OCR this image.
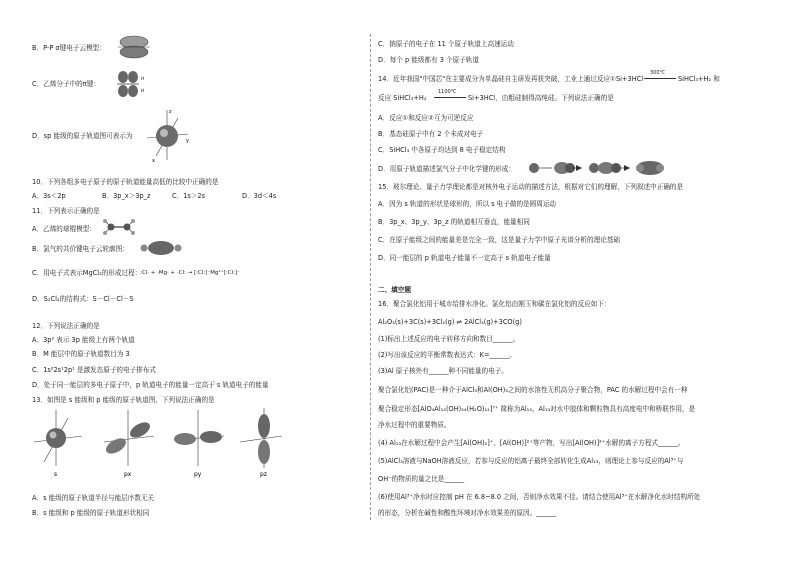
B．P-P σ键电子云模型：
C．乙烯分子中的π键：
H
H
D．sp 能级的原子轨道图可表示为
z
y
x
10．下列各组多电子原子的原子轨道能量高低的比较中正确的是
A．3s＜2p	B．3p_x＞3p_z	C．1s＞2s	D．3d＜4s
11．下列表示正确的是
A．乙烯的球棍模型：
B．氯气的共价键电子云轮廓图：
C．用电子式表示MgCl₂的形成过程：
:Cl· + ·Mg· + ·Cl: → [:Cl:]⁻Mg²⁺[:Cl:]⁻
D．S₂Cl₂的结构式：S－Cl－Cl－S
12．下列说法正确的是
A．3p² 表示 3p 能级上有两个轨道
B．M 能层中的原子轨道数目为 3
C．1s²2s¹2p¹ 是激发态原子的电子排布式
D．处于同一能层的多电子原子中，p 轨道电子的能量一定高于 s 轨道电子的能量
13．如图是 s 能级和 p 能级的原子轨道图，下列说法正确的是
s	px	py	pz
A．s 能级的原子轨道半径与能层序数无关
B．s 能级和 p 能级的原子轨道形状相同
C．钠原子的电子在 11 个原子轨道上高速运动
D．每个 p 能级都有 3 个原子轨道
14．近年我国"中国芯"在主要成分为单晶硅自主研发再获突破，工业上通过反应①Si+3HCl
300℃
SiHCl₃+H₂ 和
反应 SiHCl₃+H₂
1100℃
Si+3HCl，由粗硅制得高纯硅。下列说法正确的是
A．反应①和反应②互为可逆反应
B．基态硅原子中有 2 个未成对电子
C．SiHCl₃ 中各原子均达到 8 电子稳定结构
D．用原子轨道描述氯气分子中化学键的形成：
15．玻尔理论、量子力学理论都是对核外电子运动的描述方法，根据对它们的理解，下列叙述中正确的是
A．因为 s 轨道的形状是球形的，所以 s 电子做的是圆周运动
B．3p_x、3p_y、3p_z 的轨道相互垂直，能量相同
C．在原子能级之间的能量差是完全一致，这是量子力学中原子光谱分析的理论基础
D．同一能层的 p 轨道电子能量不一定高于 s 轨道电子能量
二、填空题
16．聚合氯化铝用于城市给排水净化。氯化铝由刚玉和碳在氯化铝的反应如下：
Al₂O₃(s)+3C(s)+3Cl₂(g) ⇌ 2AlCl₃(g)+3CO(g)
(1)标出上述反应的电子转移方向和数目______。
(2)写出该反应的平衡常数表达式：K=______。
(3)Al 原子核外有______种不同能量的电子。
聚合氯化铝(PAC)是一种介于AlCl₃和Al(OH)₃之间的水溶性无机高分子聚合物，PAC 的水解过程中会有一种
聚合稳定形态[AlO₄Al₁₂(OH)₂₄(H₂O)₁₂]⁷⁺ 简称为Al₁₃，Al₁₃对水中胶体和颗粒物具有高度电中和桥联作用，是
净水过程中的重要物质。
(4) Al₁₃在水解过程中会产生[Al(OH)₂]⁺、[Al(OH)]²⁺等产物，写出[Al(OH)]²⁺水解的离子方程式______。
(5)AlCl₃溶液与NaOH溶液反应，若参与反应的铝离子最终全部转化生成Al₁₃，则理论上参与反应的Al³⁺与
OH⁻的物质的量之比是______
(6)使用Al³⁺净水时应控制 pH 在 6.8~8.0 之间，否则净水效果不佳。请结合使用Al³⁺在水解净化水时结构所处
的形态，分析在碱性和酸性环境对净水效果差的原因。______
